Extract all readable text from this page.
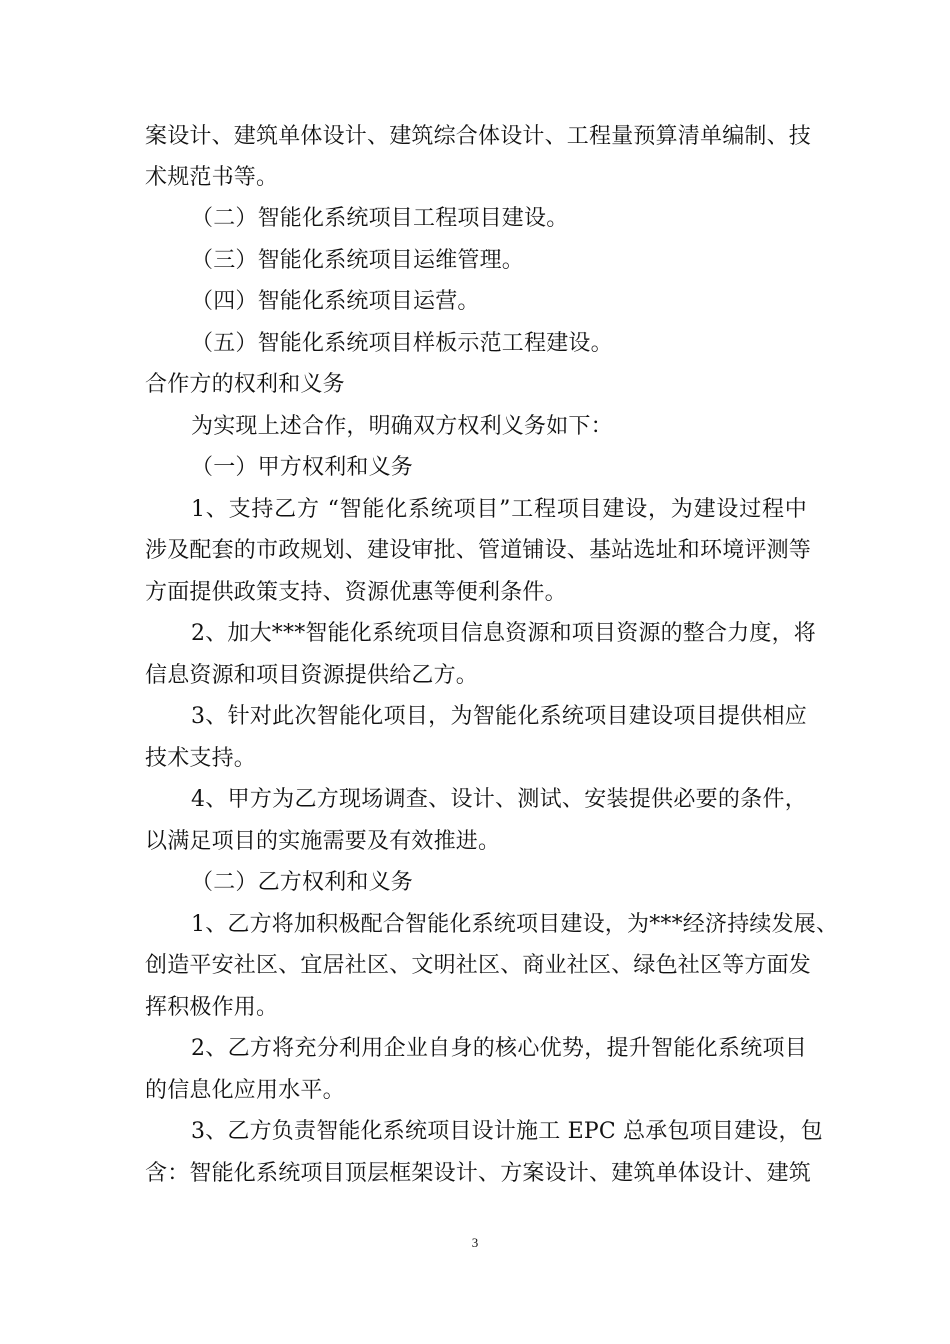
案设计、建筑单体设计、建筑综合体设计、工程量预算清单编制、技
术规范书等。
（二）智能化系统项目工程项目建设。
（三）智能化系统项目运维管理。
（四）智能化系统项目运营。
（五）智能化系统项目样板示范工程建设。
合作方的权利和义务
为实现上述合作，明确双方权利义务如下：
（一）甲方权利和义务
1、支持乙方 “智能化系统项目”工程项目建设，为建设过程中
涉及配套的市政规划、建设审批、管道铺设、基站选址和环境评测等
方面提供政策支持、资源优惠等便利条件。
2、加大***智能化系统项目信息资源和项目资源的整合力度，将
信息资源和项目资源提供给乙方。
3、针对此次智能化项目，为智能化系统项目建设项目提供相应
技术支持。
4、甲方为乙方现场调查、设计、测试、安装提供必要的条件，
以满足项目的实施需要及有效推进。
（二）乙方权利和义务
1、乙方将加积极配合智能化系统项目建设，为***经济持续发展、
创造平安社区、宜居社区、文明社区、商业社区、绿色社区等方面发
挥积极作用。
2、乙方将充分利用企业自身的核心优势，提升智能化系统项目
的信息化应用水平。
3、乙方负责智能化系统项目设计施工 EPC 总承包项目建设，包
含：智能化系统项目顶层框架设计、方案设计、建筑单体设计、建筑
3
